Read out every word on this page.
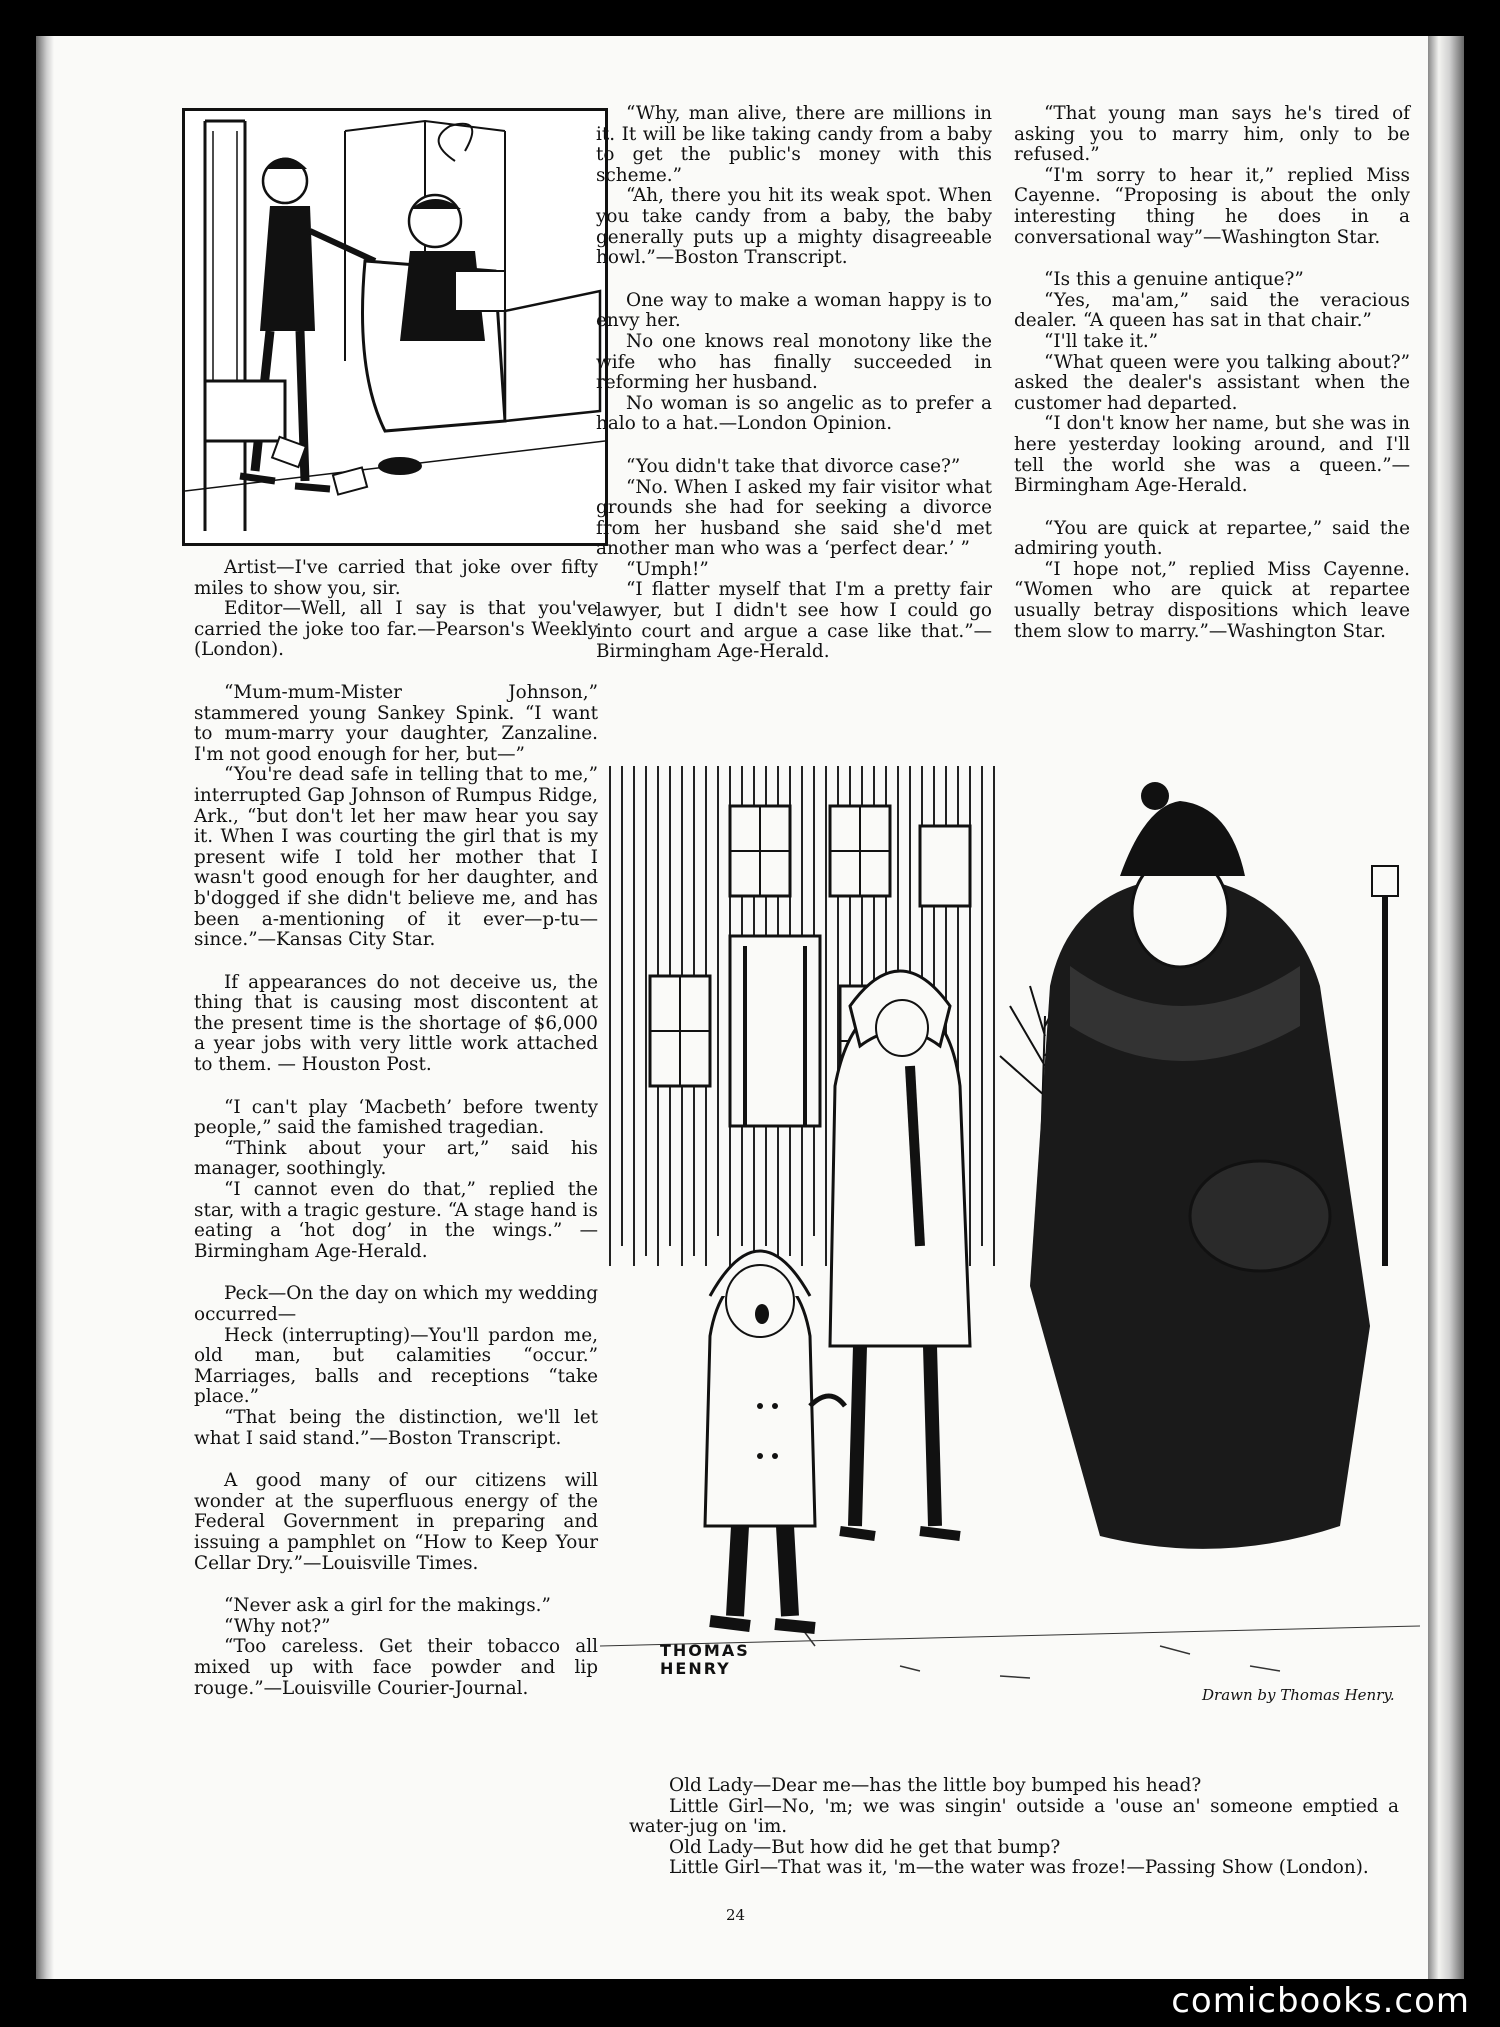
Artist—I've carried that joke over fifty miles to show you, sir.

Editor—Well, all I say is that you've carried the joke too far.—Pearson's Weekly (London).

“Mum-mum-Mister Johnson,” stammered young Sankey Spink. “I want to mum-marry your daughter, Zanzaline. I'm not good enough for her, but—”

“You're dead safe in telling that to me,” interrupted Gap Johnson of Rumpus Ridge, Ark., “but don't let her maw hear you say it. When I was courting the girl that is my present wife I told her mother that I wasn't good enough for her daughter, and b'dogged if she didn't believe me, and has been a-mentioning of it ever—p-tu—since.”—Kansas City Star.

If appearances do not deceive us, the thing that is causing most discontent at the present time is the shortage of $6,000 a year jobs with very little work attached to them. — Houston Post.

“I can't play ‘Macbeth’ before twenty people,” said the famished tragedian.

“Think about your art,” said his manager, soothingly.

“I cannot even do that,” replied the star, with a tragic gesture. “A stage hand is eating a ‘hot dog’ in the wings.” —Birmingham Age-Herald.

Peck—On the day on which my wedding occurred—

Heck (interrupting)—You'll pardon me, old man, but calamities “occur.” Marriages, balls and receptions “take place.”

“That being the distinction, we'll let what I said stand.”—Boston Transcript.

A good many of our citizens will wonder at the superfluous energy of the Federal Government in preparing and issuing a pamphlet on “How to Keep Your Cellar Dry.”—Louisville Times.

“Never ask a girl for the makings.”

“Why not?”

“Too careless. Get their tobacco all mixed up with face powder and lip rouge.”—Louisville Courier-Journal.

“Why, man alive, there are millions in it. It will be like taking candy from a baby to get the public's money with this scheme.”

“Ah, there you hit its weak spot. When you take candy from a baby, the baby generally puts up a mighty disagreeable howl.”—Boston Transcript.

One way to make a woman happy is to envy her.

No one knows real monotony like the wife who has finally succeeded in reforming her husband.

No woman is so angelic as to prefer a halo to a hat.—London Opinion.

“You didn't take that divorce case?”

“No. When I asked my fair visitor what grounds she had for seeking a divorce from her husband she said she'd met another man who was a ‘perfect dear.’ ”

“Umph!”

“I flatter myself that I'm a pretty fair lawyer, but I didn't see how I could go into court and argue a case like that.”—Birmingham Age-Herald.

“That young man says he's tired of asking you to marry him, only to be refused.”

“I'm sorry to hear it,” replied Miss Cayenne. “Proposing is about the only interesting thing he does in a conversational way”—Washington Star.

“Is this a genuine antique?”

“Yes, ma'am,” said the veracious dealer. “A queen has sat in that chair.”

“I'll take it.”

“What queen were you talking about?” asked the dealer's assistant when the customer had departed.

“I don't know her name, but she was in here yesterday looking around, and I'll tell the world she was a queen.”—Birmingham Age-Herald.

“You are quick at repartee,” said the admiring youth.

“I hope not,” replied Miss Cayenne. “Women who are quick at repartee usually betray dispositions which leave them slow to marry.”—Washington Star.

THOMAS HENRY
Drawn by Thomas Henry.

Old Lady—Dear me—has the little boy bumped his head?

Little Girl—No, 'm; we was singin' outside a 'ouse an' someone emptied a water-jug on 'im.

Old Lady—But how did he get that bump?

Little Girl—That was it, 'm—the water was froze!—Passing Show (London).

24
comicbooks.com
